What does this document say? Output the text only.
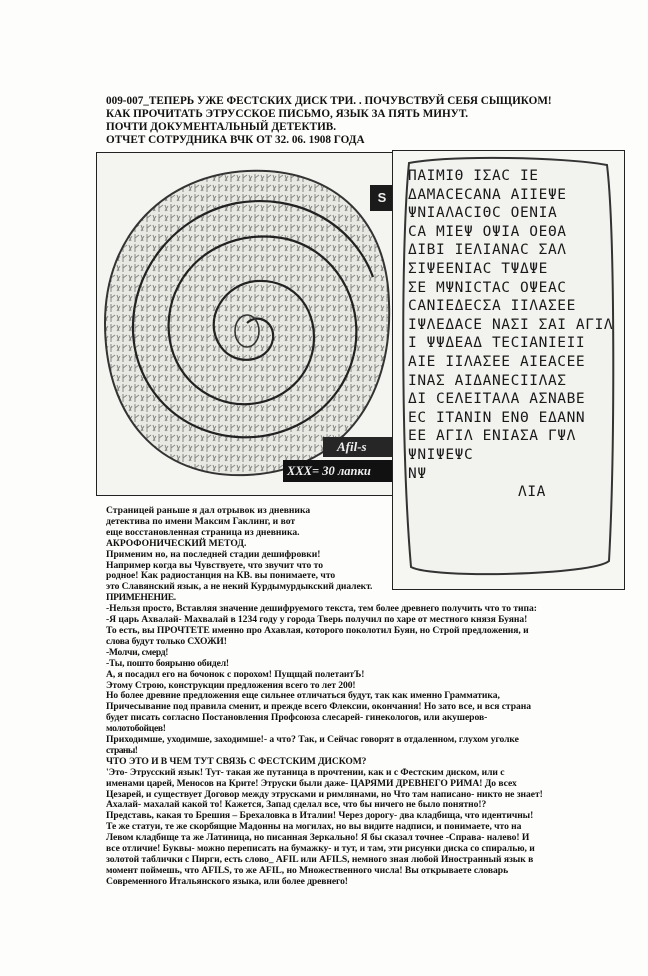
009-007_ТЕПЕРЬ УЖЕ ФЕСТСКИХ ДИСК ТРИ. . ПОЧУВСТВУЙ СЕБЯ СЫЩИКОМ!
КАК ПРОЧИТАТЬ ЭТРУССКОЕ ПИСЬМО, ЯЗЫК ЗА ПЯТЬ МИНУТ.
ПОЧТИ ДОКУМЕНТАЛЬНЫЙ ДЕТЕКТИВ.
ОТЧЕТ СОТРУДНИКА ВЧК ОТ 32. 06. 1908 ГОДА
S
Afil-s
XXX= 30 лапки
ΠΑΙΜΙΘ ΙΣΑϹ ΙΕ
ΔΑΜΑϹΕϹΑΝΑ ΑΙΙΕΨΕ
ΨΝΙΑΛΑϹΙΘϹ ΟΕΝΙΑ
ϹΑ ΜΙΕΨ ΟΨΙΑ ΟΕΘΑ
ΔΙΒΙ ΙΕΛΙΑΝΑϹ ΣΑΛ
ΣΙΨΕΕΝΙΑϹ ΤΨΔΨΕ
ΣΕ ΜΨΝΙϹΤΑϹ ΟΨΕΑϹ
ϹΑΝΙΕΔΕϹΣΑ ΙΙΛΑΣΕΕ
ΙΨΛΕΔΑϹΕ ΝΑΣΙ ΣΑΙ ΑΓΙΛ
Ι ΨΨΔΕΑΔ ΤΕϹΙΑΝΙΕΙΙ
ΑΙΕ ΙΙΛΑΣΕΕ ΑΙΕΑϹΕΕ
ΙΝΑΣ ΑΙΔΑΝΕϹΙΙΛΑΣ
ΔΙ ϹΕΛΕΙΤΑΛΑ ΑΣΝΑΒΕ
ΕϹ ΙΤΑΝΙΝ ΕΝΘ ΕΔΑΝΝ
ΕΕ ΑΓΙΛ ΕΝΙΑΣΑ ΓΨΛ
ΨΝΙΨΕΨϹ
ΝΨ
ΛΙΑ
Страницей раньше я дал отрывок из дневника
детектива по имени Максим Гаклинг, и вот
еще восстановленная страница из дневника.
АКРОФОНИЧЕСКИЙ МЕТОД.
Применим но, на последней стадии дешифровки!
Например когда вы Чувствуете, что звучит что то
родное! Как радиостанция на КВ. вы понимаете, что
это Славянский язык, а не некий Курдымурдыкский диалект.
ПРИМЕНЕНИЕ.
-Нельзя просто, Вставляя значение дешифруемого текста, тем более древнего получить что то типа:
-Я царь Ахвалай- Махвалай в 1234 году у города Тверь получил по харе от местного князя Буяна!
То есть, вы ПРОЧТЕТЕ именно про Ахавлая, которого поколотил Буян, но Строй предложения, и
слова будут только СХОЖИ!
-Молчи, смерд!
-Ты, пошто боярыню обидел!
А, я посадил его на бочонок с порохом! Пущщай полетаитЪ!
Этому Строю, конструкции предложения всего то лет 200!
Но более древние предложения еще сильнее отличаться будут, так как именно Грамматика,
Причесывание под правила сменит, и прежде всего Флексии, окончания! Но зато все, и вся страна
будет писать согласно Постановления Профсоюза слесарей- гинекологов, или акушеров-
молотобойцев!
Приходимше, уходимше, заходимше!- а что? Так, и Сейчас говорят в отдаленном, глухом уголке
страны!
ЧТО ЭТО И В ЧЕМ ТУТ СВЯЗЬ С ФЕСТСКИМ ДИСКОМ?
'Это- Этрусский язык! Тут- такая же путаница в прочтении, как и с Фестским диском, или с
именами царей, Меносов на Крите! Этруски были даже- ЦАРЯМИ ДРЕВНЕГО РИМА! До всех
Цезарей, и существует Договор между этрусками и римлянами, но Что там написано- никто не знает!
Ахалай- махалай какой то! Кажется, Запад сделал все, что бы ничего не было понятно!?
Представь, какая то Брешия – Брехаловка в Италии! Через дорогу- два кладбища, что идентичны!
Те же статуи, те же скорбящие Мадонны на могилах, но вы видите надписи, и понимаете, что на
Левом кладбище та же Латиница, но писанная Зеркально! Я бы сказал точнее -Справа- налево! И
все отличие! Буквы- можно переписать на бумажку- и тут, и там, эти рисунки диска со спиралью, и
золотой таблички с Пирги, есть слово_ AFIL или AFILS, немного зная любой Иностранный язык в
момент поймешь, что AFILS, то же AFIL, но Множественного числа! Вы открываете словарь
Современного Итальянского языка, или более древнего!
